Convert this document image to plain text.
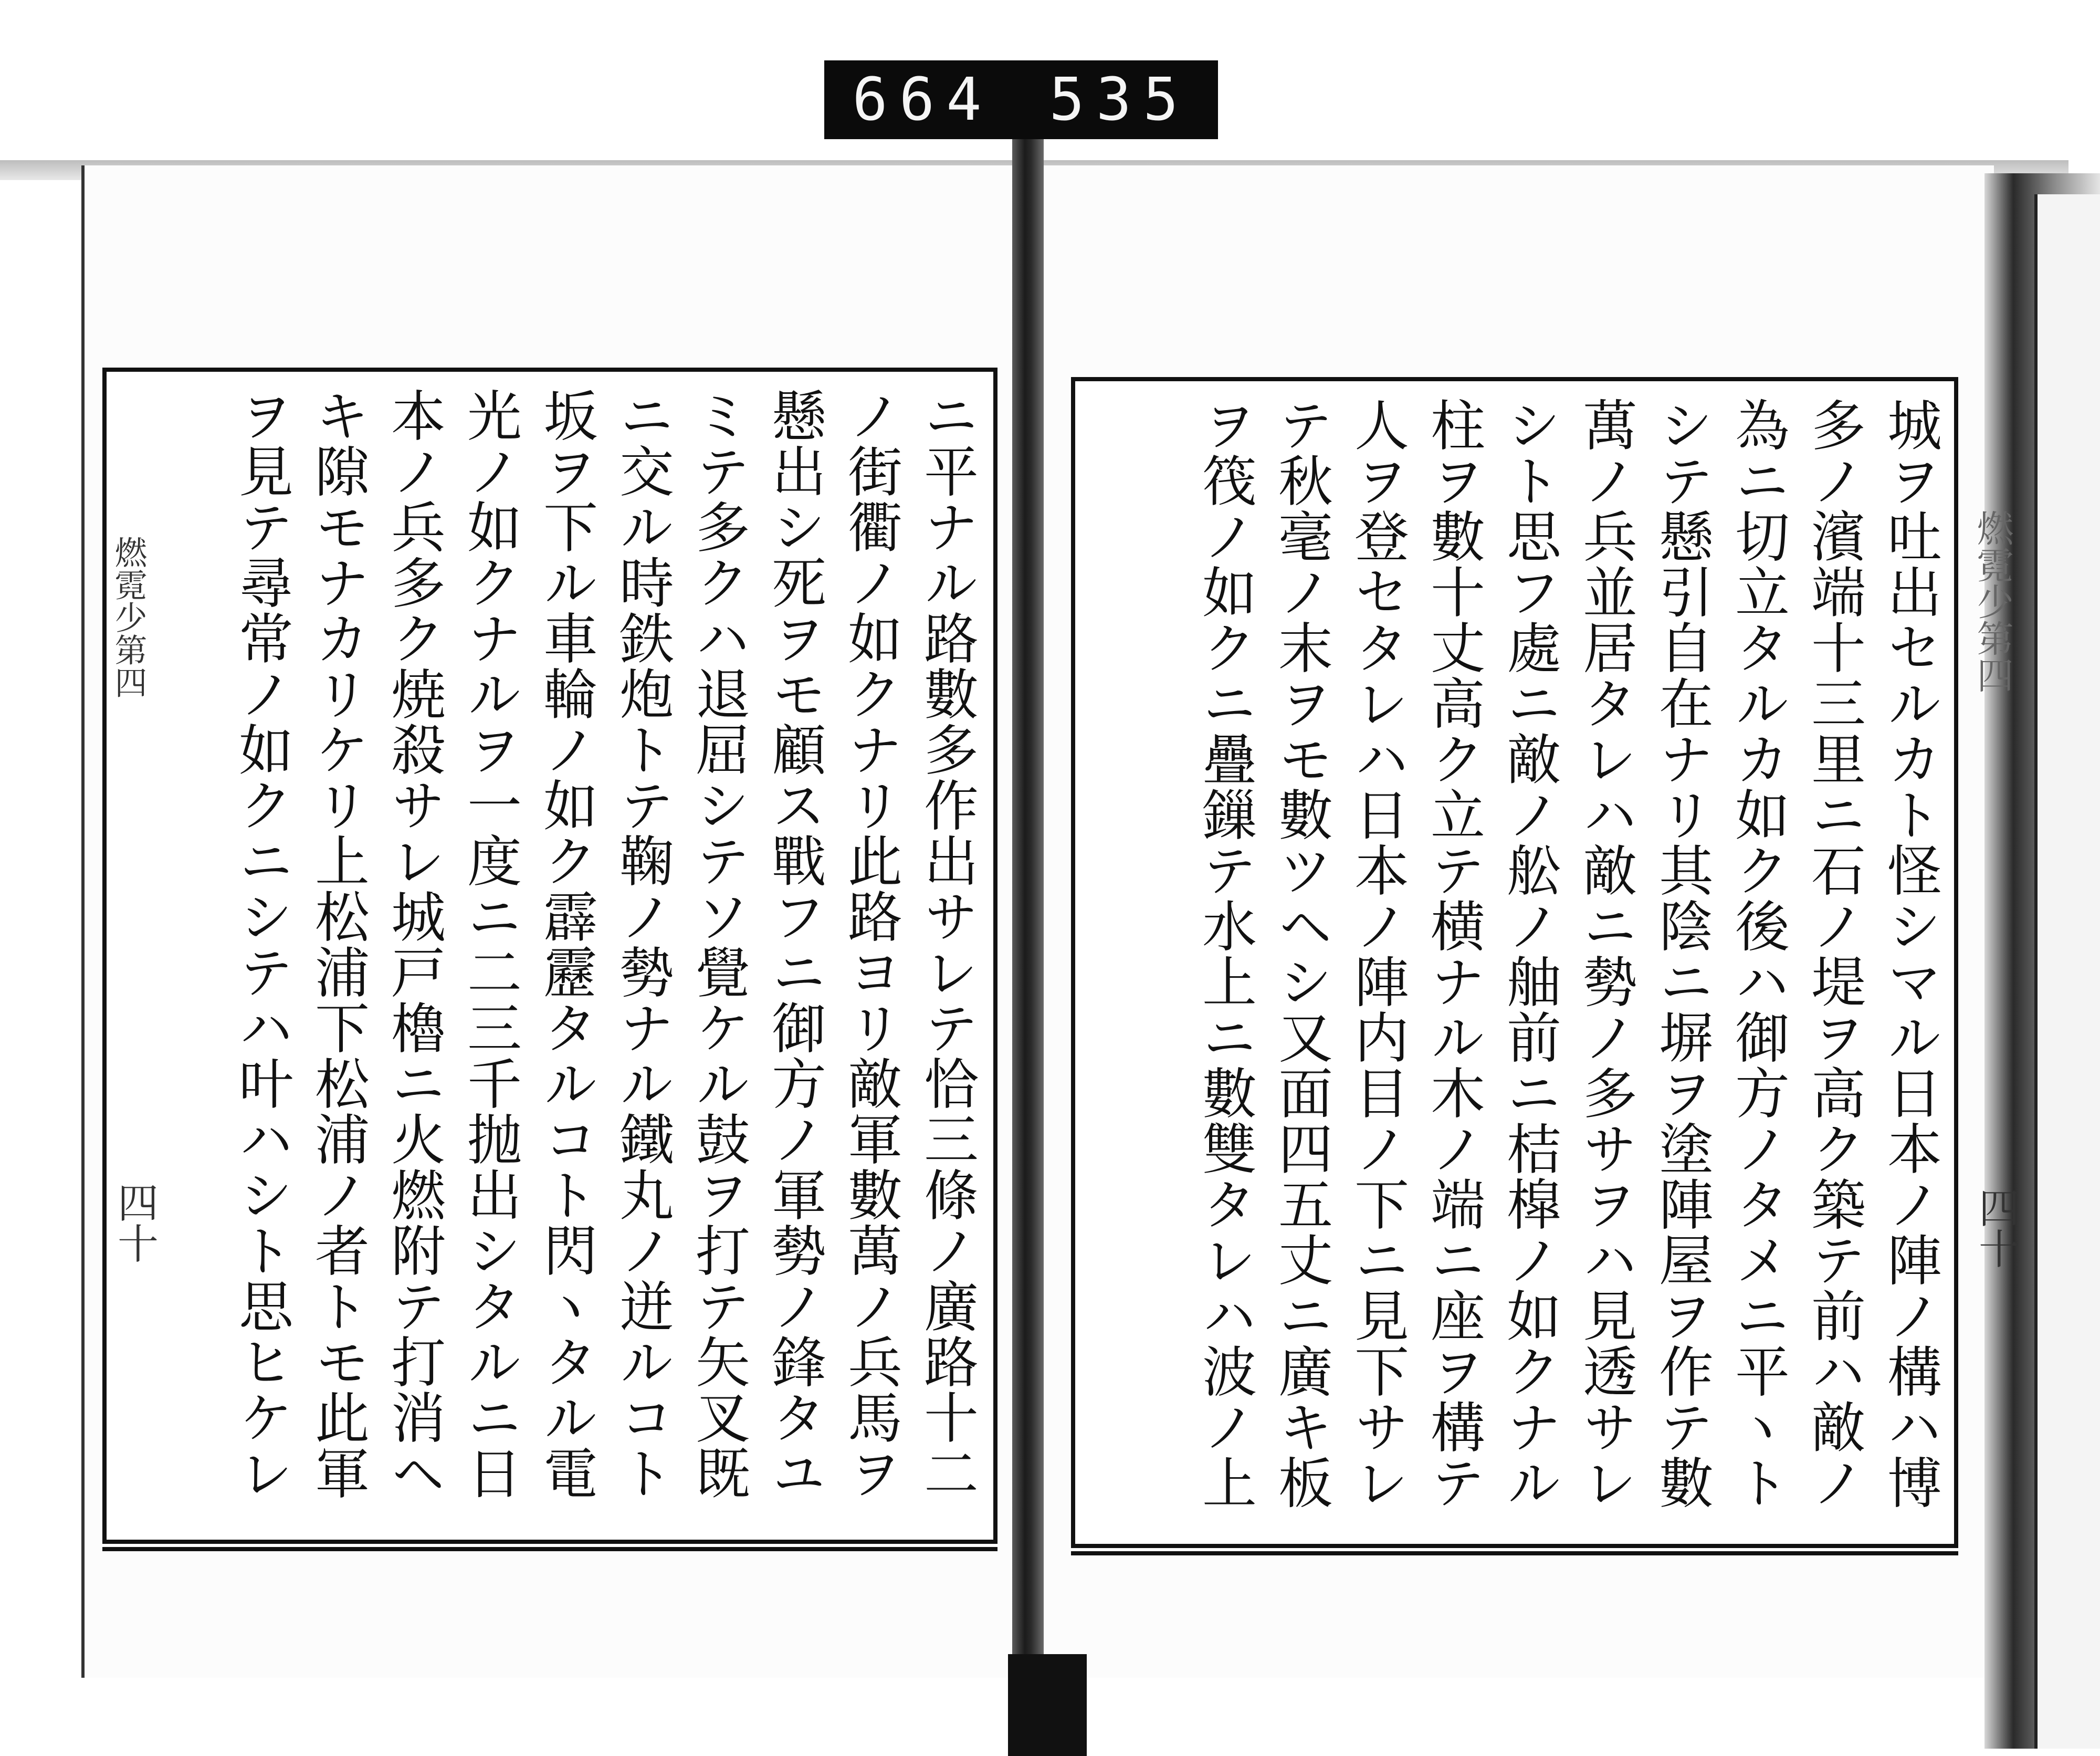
664 535
ニ平ナル路數多作出サレテ恰三條ノ廣路十二
ノ街衢ノ如クナリ此路ヨリ敵軍數萬ノ兵馬ヲ
懸出シ死ヲモ顧ス戰フニ御方ノ軍勢ノ鋒タユ
ミテ多クハ退屈シテソ覺ケル鼓ヲ打テ矢叉既
ニ交ル時鉄炮トテ鞠ノ勢ナル鐵丸ノ迸ルコト
坂ヲ下ル車輪ノ如ク霹靂タルコト閃ヽタル電
光ノ如クナルヲ一度ニ二三千抛出シタルニ日
本ノ兵多ク焼殺サレ城戸櫓ニ火燃附テ打消ヘ
キ隙モナカリケリ上松浦下松浦ノ者トモ此軍
ヲ見テ尋常ノ如クニシテハ叶ハシト思ヒケレ
燃霓少第四
四十	城ヲ吐出セルカト怪シマル日本ノ陣ノ構ハ博
多ノ濱端十三里ニ石ノ堤ヲ高ク築テ前ハ敵ノ
為ニ切立タルカ如ク後ハ御方ノタメニ平ヽト
シテ懸引自在ナリ其陰ニ塀ヲ塗陣屋ヲ作テ數
萬ノ兵並居タレハ敵ニ勢ノ多サヲハ見透サレ
シト思フ處ニ敵ノ舩ノ舳前ニ桔槹ノ如クナル
柱ヲ數十丈高ク立テ横ナル木ノ端ニ座ヲ構テ
人ヲ登セタレハ日本ノ陣内目ノ下ニ見下サレ
テ秋毫ノ末ヲモ數ツヘシ又面四五丈ニ廣キ板
ヲ筏ノ如クニ疊鏁テ水上ニ數雙タレハ波ノ上	燃霓少第四
四十
